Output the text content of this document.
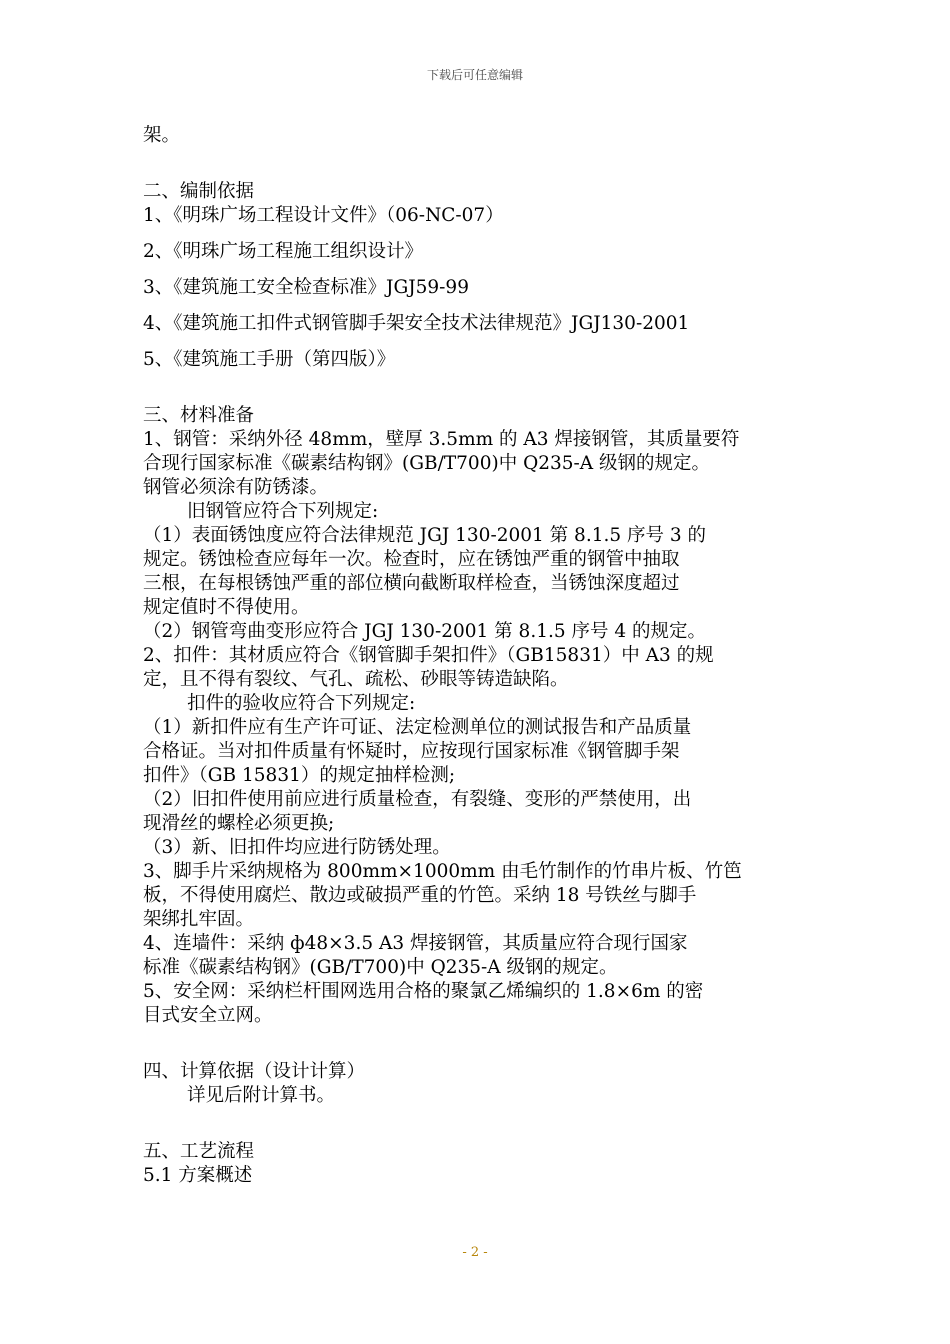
下载后可任意编辑
架。
二、编制依据
1、《明珠广场工程设计文件》（06-NC-07）
2、《明珠广场工程施工组织设计》
3、《建筑施工安全检查标准》JGJ59-99
4、《建筑施工扣件式钢管脚手架安全技术法律规范》JGJ130-2001
5、《建筑施工手册（第四版）》
三、材料准备
1、钢管：采纳外径 48mm，壁厚 3.5mm 的 A3 焊接钢管，其质量要符
合现行国家标准《碳素结构钢》(GB/T700)中 Q235-A 级钢的规定。
钢管必须涂有防锈漆。
旧钢管应符合下列规定:
（1）表面锈蚀度应符合法律规范 JGJ 130-2001 第 8.1.5 序号 3 的
规定。锈蚀检查应每年一次。检查时，应在锈蚀严重的钢管中抽取
三根，在每根锈蚀严重的部位横向截断取样检查，当锈蚀深度超过
规定值时不得使用。
（2）钢管弯曲变形应符合 JGJ 130-2001 第 8.1.5 序号 4 的规定。
2、扣件：其材质应符合《钢管脚手架扣件》（GB15831）中 A3 的规
定，且不得有裂纹、气孔、疏松、砂眼等铸造缺陷。
扣件的验收应符合下列规定:
（1）新扣件应有生产许可证、法定检测单位的测试报告和产品质量
合格证。当对扣件质量有怀疑时，应按现行国家标准《钢管脚手架
扣件》（GB 15831）的规定抽样检测;
（2）旧扣件使用前应进行质量检查，有裂缝、变形的严禁使用，出
现滑丝的螺栓必须更换;
（3）新、旧扣件均应进行防锈处理。
3、脚手片采纳规格为 800mm×1000mm 由毛竹制作的竹串片板、竹笆
板，不得使用腐烂、散边或破损严重的竹笆。采纳 18 号铁丝与脚手
架绑扎牢固。
4、连墙件：采纳 ф48×3.5 A3 焊接钢管，其质量应符合现行国家
标准《碳素结构钢》(GB/T700)中 Q235-A 级钢的规定。
5、安全网：采纳栏杆围网选用合格的聚氯乙烯编织的 1.8×6m 的密
目式安全立网。
四、计算依据（设计计算）
详见后附计算书。
五、工艺流程
5.1 方案概述
- 2 -
